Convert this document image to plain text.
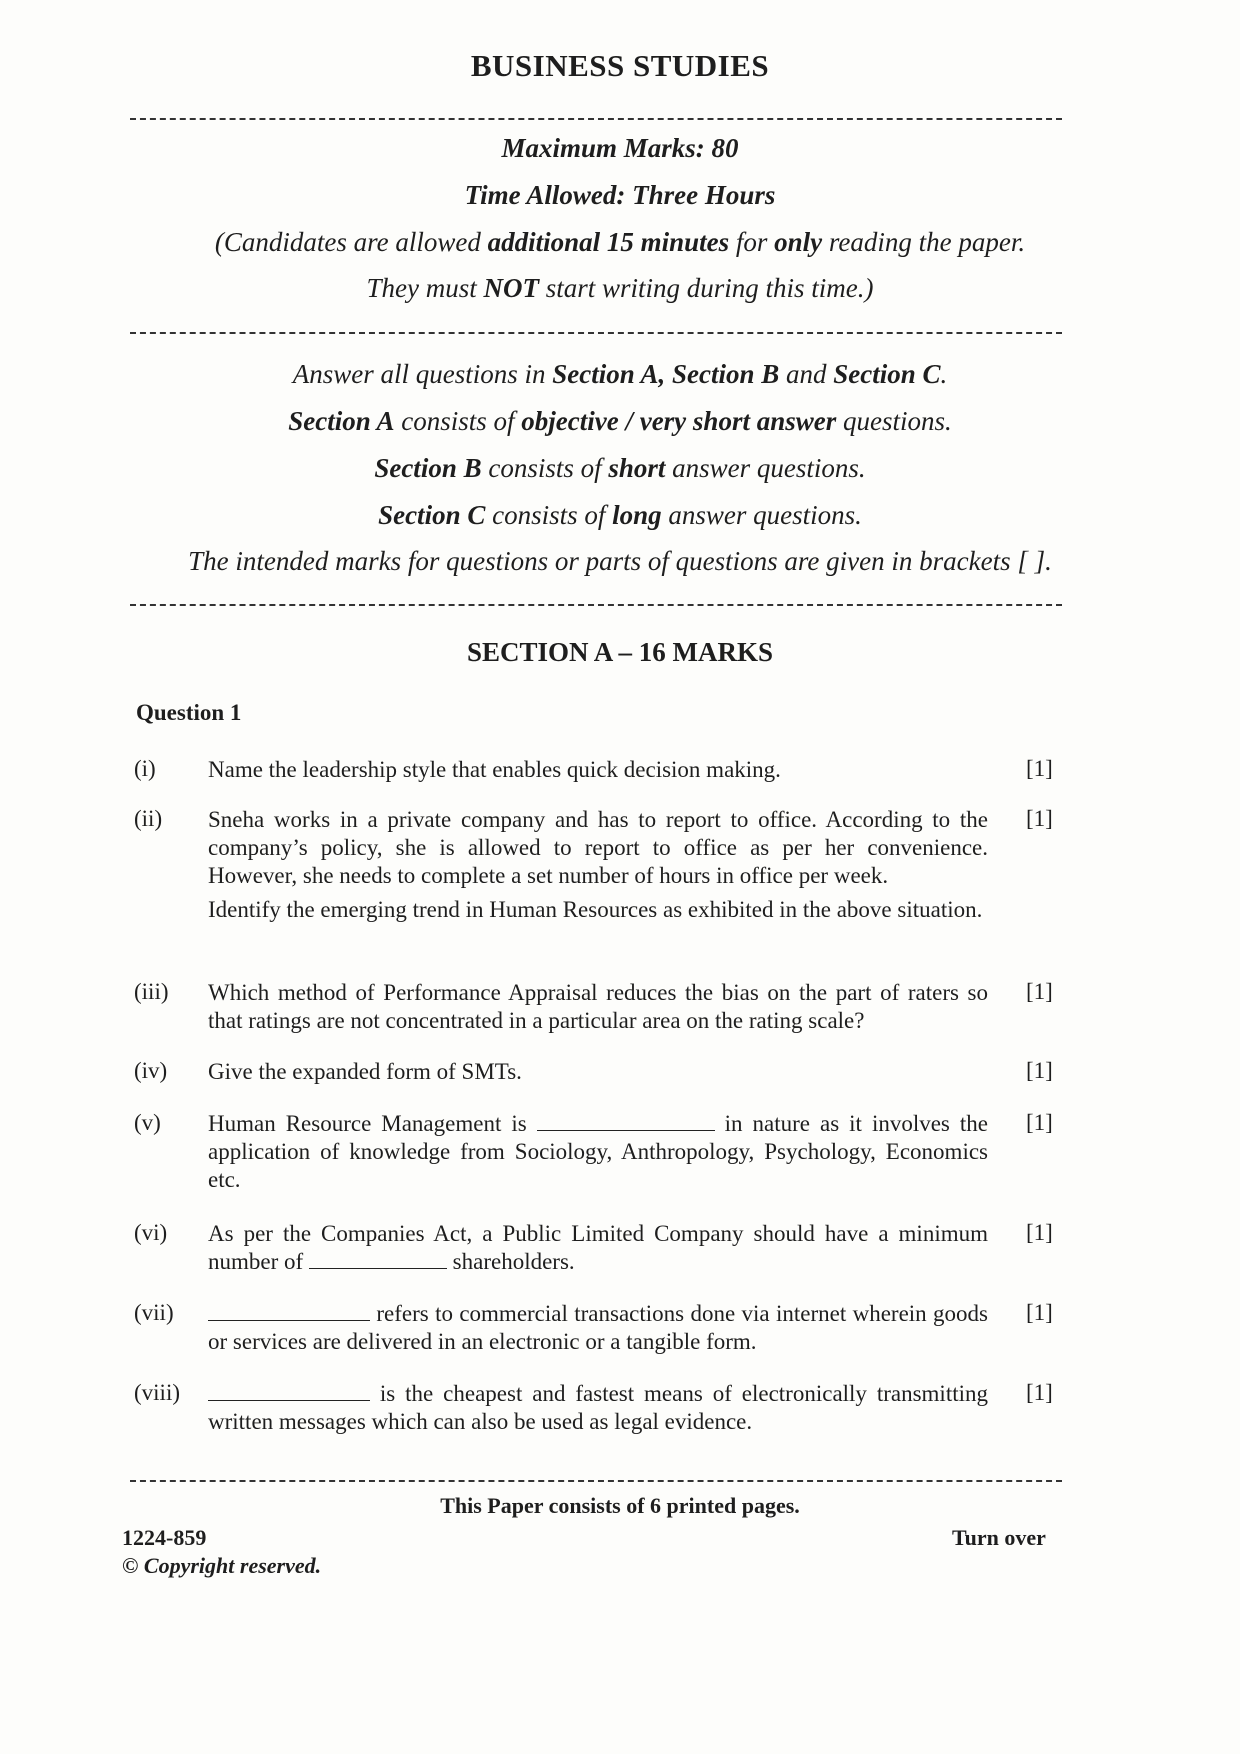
BUSINESS STUDIES
Maximum Marks: 80
Time Allowed: Three Hours
(Candidates are allowed additional 15 minutes for only reading the paper.
They must NOT start writing during this time.)
Answer all questions in Section A, Section B and Section C.
Section A consists of objective / very short answer questions.
Section B consists of short answer questions.
Section C consists of long answer questions.
The intended marks for questions or parts of questions are given in brackets [ ].
SECTION A – 16 MARKS
Question 1
(i) Name the leadership style that enables quick decision making.	[1]
(ii) Sneha works in a private company and has to report to office. According to the company’s policy, she is allowed to report to office as per her convenience. However, she needs to complete a set number of hours in office per week.

Identify the emerging trend in Human Resources as exhibited in the above situation.

[1]
(iii) Which method of Performance Appraisal reduces the bias on the part of raters so that ratings are not concentrated in a particular area on the rating scale?

[1]
(iv) Give the expanded form of SMTs.	[1]
(v) Human Resource Management is	in nature as it involves the application of knowledge from Sociology, Anthropology, Psychology, Economics etc.

[1]
(vi) As per the Companies Act, a Public Limited Company should have a minimum number of	shareholders.

[1]
(vii)	refers to commercial transactions done via internet wherein goods or services are delivered in an electronic or a tangible form.

[1]
(viii)	is the cheapest and fastest means of electronically transmitting written messages which can also be used as legal evidence.

[1]
This Paper consists of 6 printed pages.
1224-859
© Copyright reserved.
Turn over
